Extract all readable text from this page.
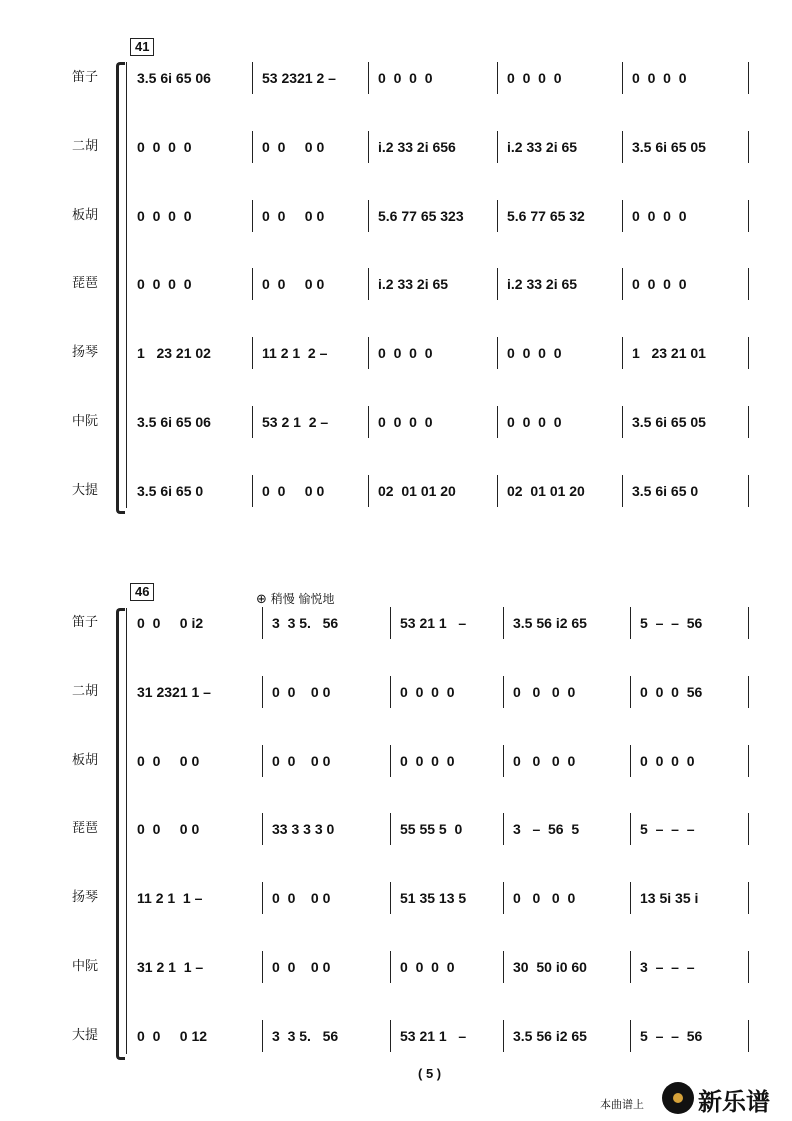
41
笛子	3.5 6i 65 06	53 2321 2 –	0  0  0  0	0  0  0  0	0  0  0  0
二胡	0  0  0  0	0  0     0 0	i.2 33 2i 656	i.2 33 2i 65	3.5 6i 65 05
板胡	0  0  0  0	0  0     0 0	5.6 77 65 323	5.6 77 65 32	0  0  0  0
琵琶	0  0  0  0	0  0     0 0	i.2 33 2i 65	i.2 33 2i 65	0  0  0  0
扬琴	1   23 21 02	11 2 1  2 –	0  0  0  0	0  0  0  0	1   23 21 01
中阮	3.5 6i 65 06	53 2 1  2 –	0  0  0  0	0  0  0  0	3.5 6i 65 05
大提	3.5 6i 65 0	0  0     0 0	02  01 01 20	02  01 01 20	3.5 6i 65 0
46
⊕ 稍慢 愉悦地
笛子	0  0     0 i2	3  3 5.   56	53 21 1   –	3.5 56 i2 65	5  –  –  56
二胡	31 2321 1 –	0  0    0 0	0  0  0  0	0   0   0  0	0  0  0  56
板胡	0  0     0 0	0  0    0 0	0  0  0  0	0   0   0  0	0  0  0  0
琵琶	0  0     0 0	33 3 3 3 0	55 55 5  0	3   –  56  5	5  –  –  –
扬琴	11 2 1  1 –	0  0    0 0	51 35 13 5	0   0   0  0	13 5i 35 i
中阮	31 2 1  1 –	0  0    0 0	0  0  0  0	30  50 i0 60	3  –  –  –
大提	0  0     0 12	3  3 5.   56	53 21 1   –	3.5 56 i2 65	5  –  –  56
( 5 )
本曲谱上 新乐谱
